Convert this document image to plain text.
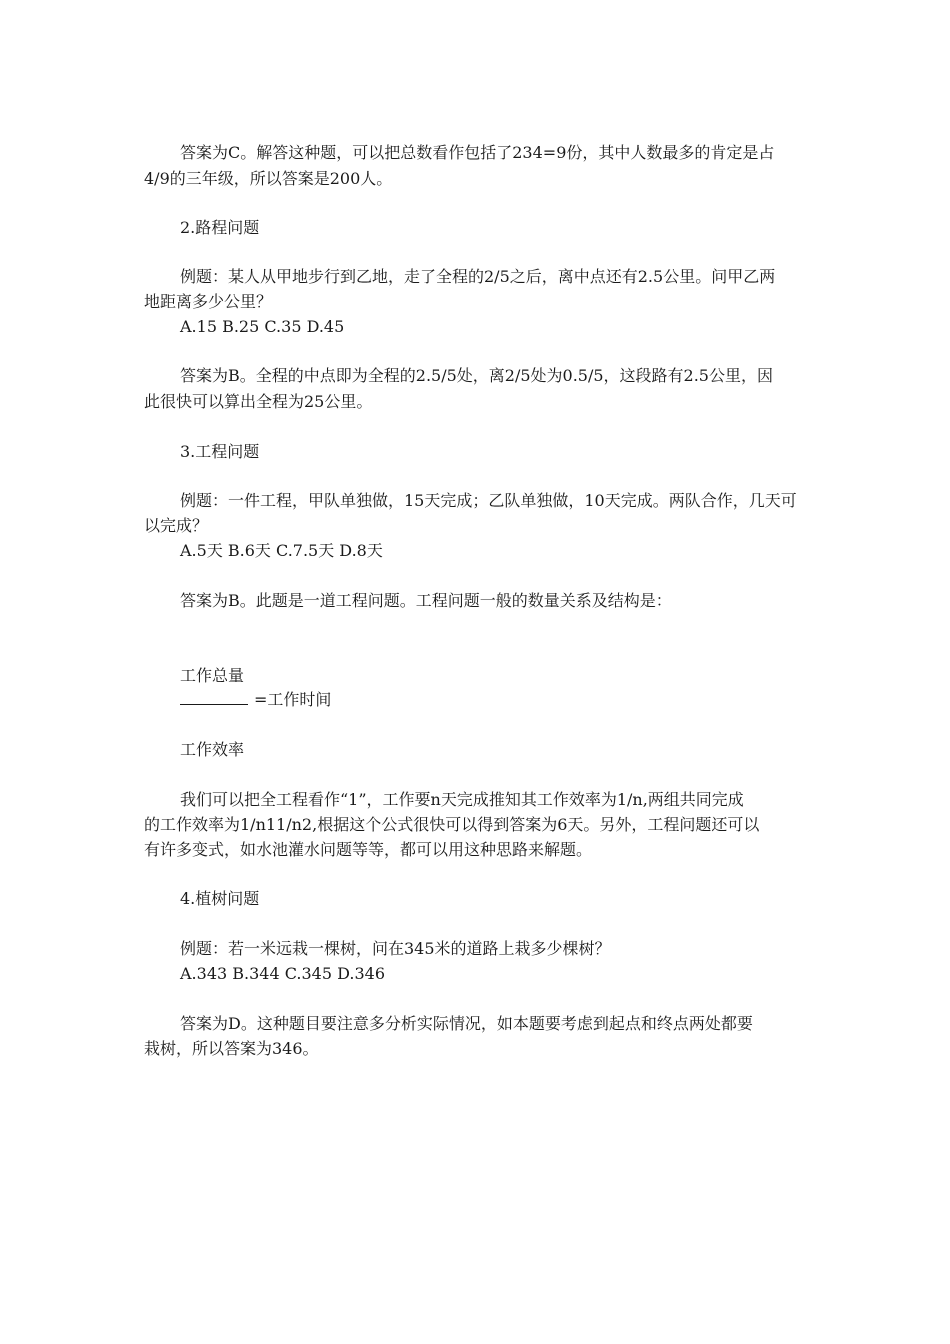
答案为C。解答这种题，可以把总数看作包括了234=9份，其中人数最多的肯定是占
4/9的三年级，所以答案是200人。
2.路程问题
例题：某人从甲地步行到乙地，走了全程的2/5之后，离中点还有2.5公里。问甲乙两
地距离多少公里？
A.15 B.25 C.35 D.45
答案为B。全程的中点即为全程的2.5/5处，离2/5处为0.5/5，这段路有2.5公里，因
此很快可以算出全程为25公里。
3.工程问题
例题：一件工程，甲队单独做，15天完成；乙队单独做，10天完成。两队合作，几天可
以完成？
A.5天 B.6天 C.7.5天 D.8天
答案为B。此题是一道工程问题。工程问题一般的数量关系及结构是：
工作总量
=工作时间
工作效率
我们可以把全工程看作“1”，工作要n天完成推知其工作效率为1/n,两组共同完成
的工作效率为1/n11/n2,根据这个公式很快可以得到答案为6天。另外，工程问题还可以
有许多变式，如水池灌水问题等等，都可以用这种思路来解题。
4.植树问题
例题：若一米远栽一棵树，问在345米的道路上栽多少棵树？
A.343 B.344 C.345 D.346
答案为D。这种题目要注意多分析实际情况，如本题要考虑到起点和终点两处都要
栽树，所以答案为346。
